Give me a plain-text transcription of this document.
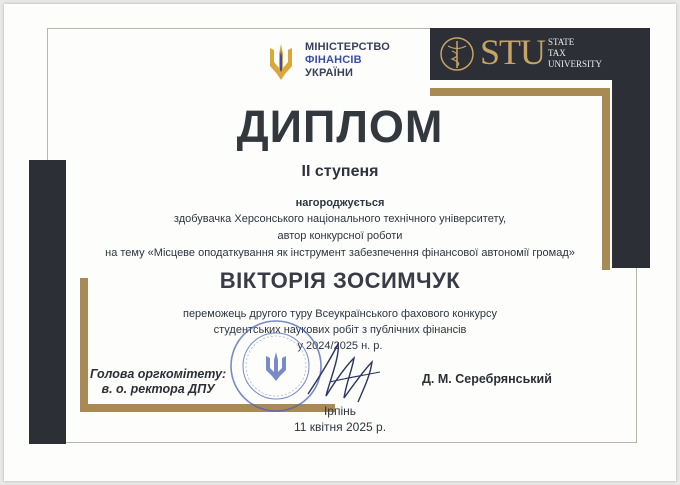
МІНІСТЕРСТВО
ФІНАНСІВ
УКРАЇНИ
STU STATE
TAX
UNIVERSITY
ДИПЛОМ
ІІ ступеня
нагороджується
здобувачка Херсонського національного технічного університету,
автор конкурсної роботи
на тему «Місцеве оподаткування як інструмент забезпечення фінансової автономії громад»
ВІКТОРІЯ ЗОСИМЧУК
переможець другого туру Всеукраїнського фахового конкурсу
студентських наукових робіт з публічних фінансів
у 2024/2025 н. р.
Голова оргкомітету:
в. о. ректора ДПУ
Д. М. Серебрянський
Ірпінь
11 квітня 2025 р.
